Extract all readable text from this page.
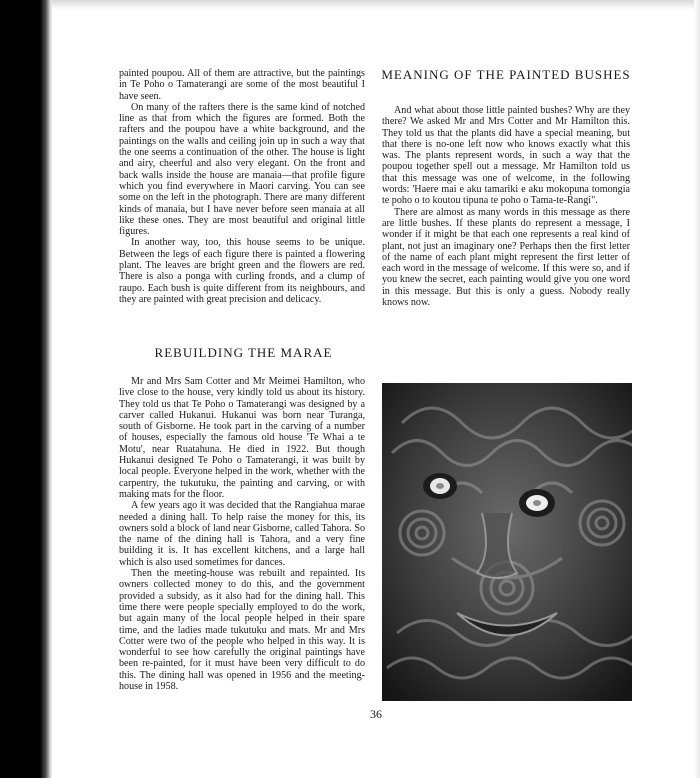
painted poupou. All of them are attractive, but the paintings in Te Poho o Tamaterangi are some of the most beautiful I have seen.

On many of the rafters there is the same kind of notched line as that from which the figures are formed. Both the rafters and the poupou have a white background, and the paintings on the walls and ceiling join up in such a way that the one seems a continuation of the other. The house is light and airy, cheerful and also very elegant. On the front and back walls inside the house are manaia—that profile figure which you find everywhere in Maori carving. You can see some on the left in the photograph. There are many different kinds of manaia, but I have never before seen manaia at all like these ones. They are most beautiful and original little figures.

In another way, too, this house seems to be unique. Between the legs of each figure there is painted a flowering plant. The leaves are bright green and the flowers are red. There is also a ponga with curling fronds, and a clump of raupo. Each bush is quite different from its neighbours, and they are painted with great precision and delicacy.

MEANING OF THE PAINTED BUSHES

And what about those little painted bushes? Why are they there? We asked Mr and Mrs Cotter and Mr Hamilton this. They told us that the plants did have a special meaning, but that there is no-one left now who knows exactly what this was. The plants represent words, in such a way that the poupou together spell out a message. Mr Hamilton told us that this message was one of welcome, in the following words: 'Haere mai e aku tamariki e aku mokopuna tomongia te poho o to koutou tipuna te poho o Tama-te-Rangi".

There are almost as many words in this message as there are little bushes. If these plants do represent a message, I wonder if it might be that each one represents a real kind of plant, not just an imaginary one? Perhaps then the first letter of the name of each plant might represent the first letter of each word in the message of welcome. If this were so, and if you knew the secret, each painting would give you one word in this message. But this is only a guess. Nobody really knows now.

REBUILDING THE MARAE

Mr and Mrs Sam Cotter and Mr Meimei Hamilton, who live close to the house, very kindly told us about its history. They told us that Te Poho o Tamaterangi was designed by a carver called Hukanui. Hukanui was born near Turanga, south of Gisborne. He took part in the carving of a number of houses, especially the famous old house 'Te Whai a te Motu', near Ruatahuna. He died in 1922. But though Hukanui designed Te Poho o Tamaterangi, it was built by local people. Everyone helped in the work, whether with the carpentry, the tukutuku, the painting and carving, or with making mats for the floor.

A few years ago it was decided that the Rangiahua marae needed a dining hall. To help raise the money for this, its owners sold a block of land near Gisborne, called Tahora. So the name of the dining hall is Tahora, and a very fine building it is. It has excellent kitchens, and a large hall which is also used sometimes for dances.

Then the meeting-house was rebuilt and repainted. Its owners collected money to do this, and the government provided a subsidy, as it also had for the dining hall. This time there were people specially employed to do the work, but again many of the local people helped in their spare time, and the ladies made tukutuku and mats. Mr and Mrs Cotter were two of the people who helped in this way. It is wonderful to see how carefully the original paintings have been re-painted, for it must have been very difficult to do this. The dining hall was opened in 1956 and the meeting-house in 1958.

36
